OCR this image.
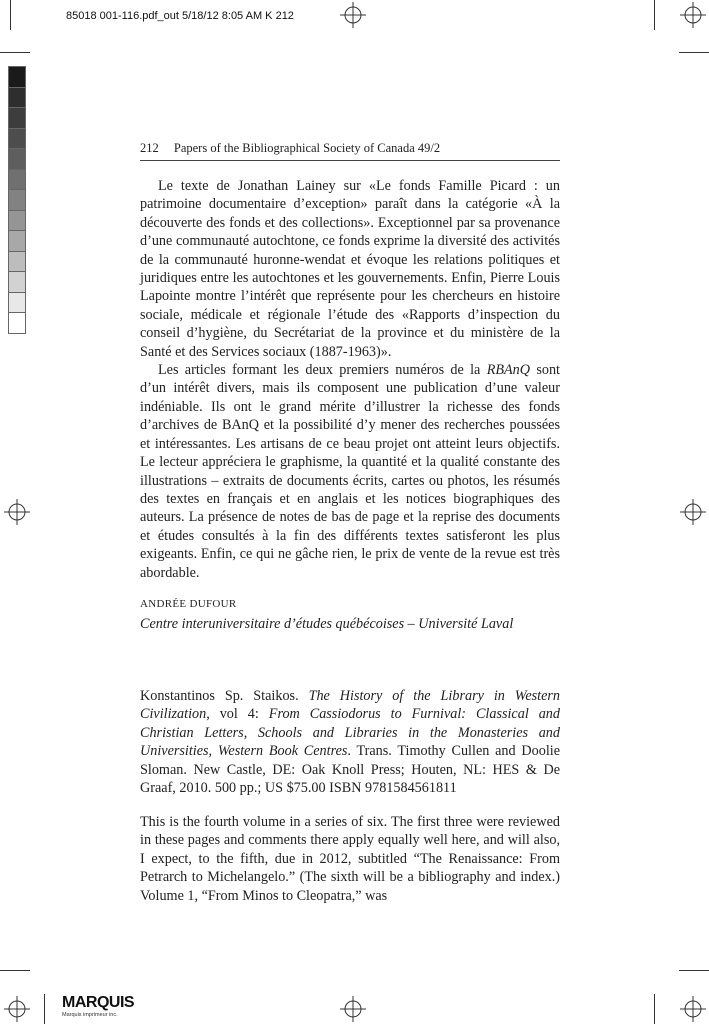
85018 001-116.pdf_out 5/18/12 8:05 AM K 212
212 Papers of the Bibliographical Society of Canada 49/2

Le texte de Jonathan Lainey sur «Le fonds Famille Picard : un patrimoine documentaire d’exception» paraît dans la catégorie «À la découverte des fonds et des collections». Exceptionnel par sa provenance d’une communauté autochtone, ce fonds exprime la diversité des activités de la communauté huronne-wendat et évoque les relations politiques et juridiques entre les autochtones et les gouvernements. Enfin, Pierre Louis Lapointe montre l’intérêt que représente pour les chercheurs en histoire sociale, médicale et régionale l’étude des «Rapports d’inspection du conseil d’hygiène, du Secrétariat de la province et du ministère de la Santé et des Services sociaux (1887-1963)».

Les articles formant les deux premiers numéros de la RBAnQ sont d’un intérêt divers, mais ils composent une publication d’une valeur indéniable. Ils ont le grand mérite d’illustrer la richesse des fonds d’archives de BAnQ et la possibilité d’y mener des recherches poussées et intéressantes. Les artisans de ce beau projet ont atteint leurs objectifs. Le lecteur appréciera le graphisme, la quantité et la qualité constante des illustrations – extraits de documents écrits, cartes ou photos, les résumés des textes en français et en anglais et les notices biographiques des auteurs. La présence de notes de bas de page et la reprise des documents et études consultés à la fin des différents textes satisferont les plus exigeants. Enfin, ce qui ne gâche rien, le prix de vente de la revue est très abordable.

ANDRÉE DUFOUR
Centre interuniversitaire d’études québécoises – Université Laval

Konstantinos Sp. Staikos. The History of the Library in Western Civilization, vol 4: From Cassiodorus to Furnival: Classical and Christian Letters, Schools and Libraries in the Monasteries and Universities, Western Book Centres. Trans. Timothy Cullen and Doolie Sloman. New Castle, DE: Oak Knoll Press; Houten, NL: HES & De Graaf, 2010. 500 pp.; US $75.00 ISBN 9781584561811

This is the fourth volume in a series of six. The first three were reviewed in these pages and comments there apply equally well here, and will also, I expect, to the fifth, due in 2012, subtitled “The Renaissance: From Petrarch to Michelangelo.” (The sixth will be a bibliography and index.) Volume 1, “From Minos to Cleopatra,” was

MARQUIS
Marquis imprimeur inc.
